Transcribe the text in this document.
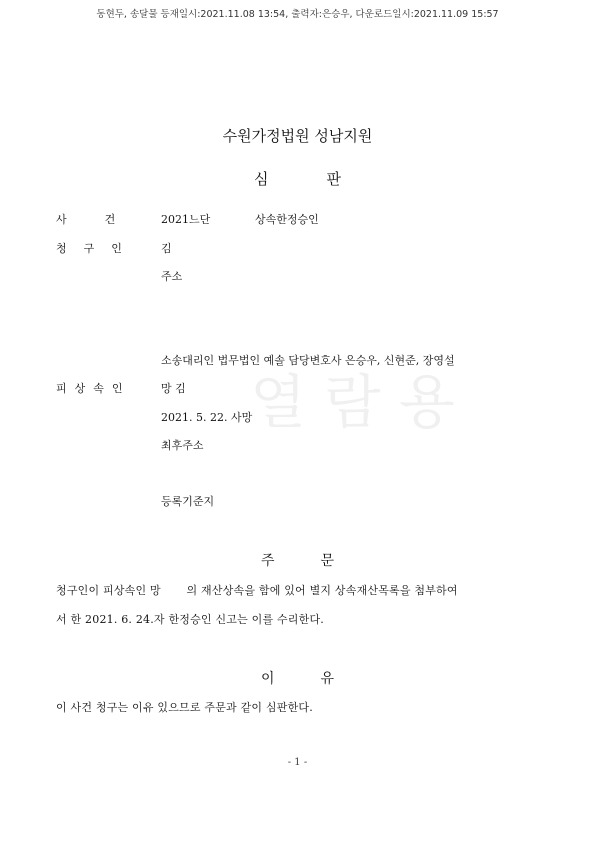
동현두, 송달물 등재일시:2021.11.08 13:54, 출력자:은승우, 다운로드일시:2021.11.09 15:57
열 람 용
수원가정법원 성남지원
심	판
사	건	2021느단	상속한정승인
청 구 인	김
주소
소송대리인 법무법인 예솔 담당변호사 은승우, 신현준, 장영설
피 상 속 인	망 김
2021. 5. 22. 사망
최후주소
등록기준지
주	문
청구인이 피상속인 망 의 재산상속을 함에 있어 별지 상속재산목록을 첨부하여
서 한 2021. 6. 24.자 한정승인 신고는 이를 수리한다.
이	유
이 사건 청구는 이유 있으므로 주문과 같이 심판한다.
- 1 -
